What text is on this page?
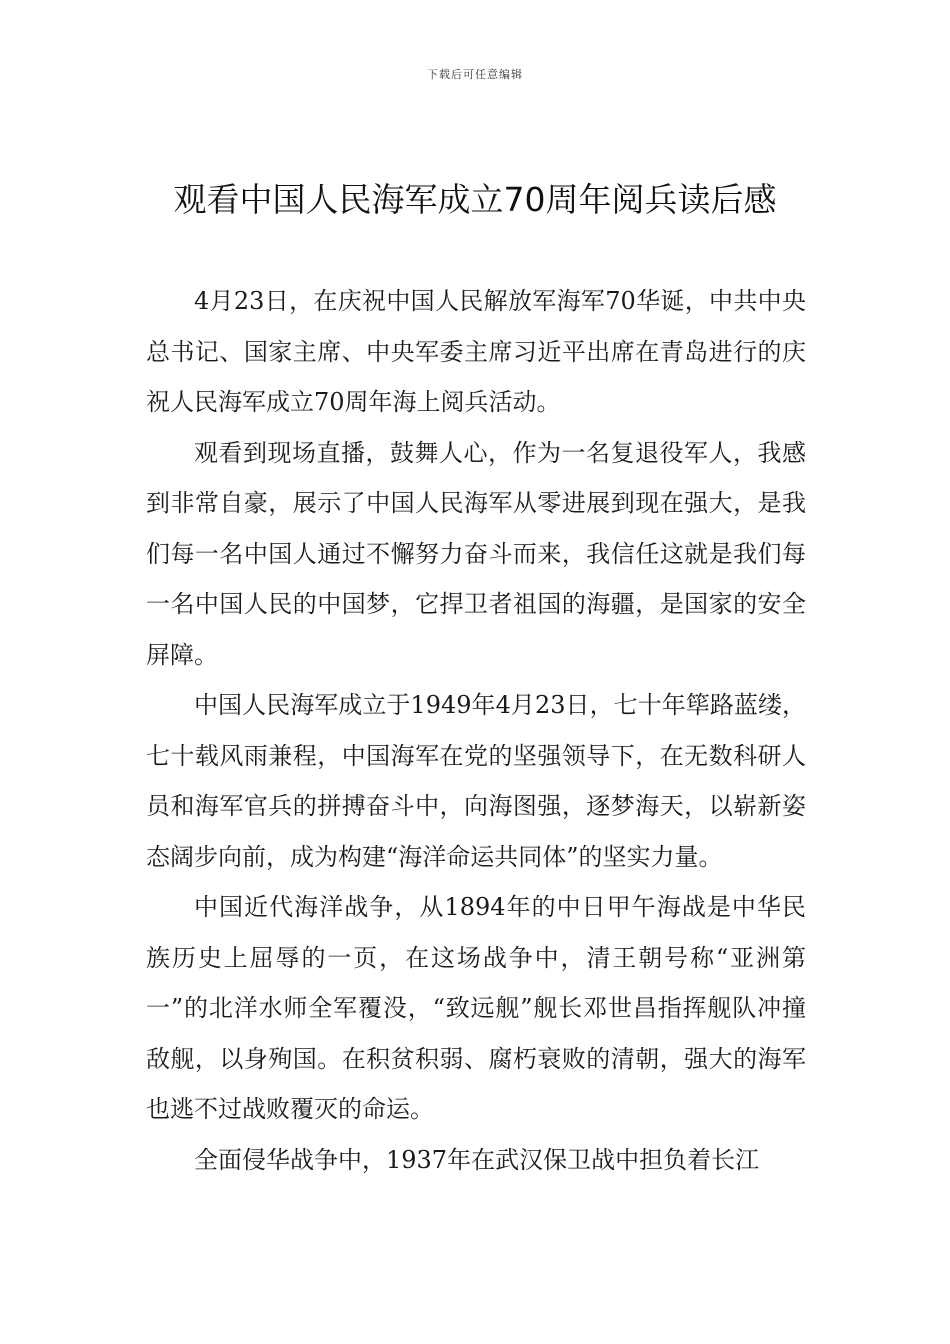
下载后可任意编辑
观看中国人民海军成立70周年阅兵读后感

4月23日，在庆祝中国人民解放军海军70华诞，中共中央总书记、国家主席、中央军委主席习近平出席在青岛进行的庆祝人民海军成立70周年海上阅兵活动。

观看到现场直播，鼓舞人心，作为一名复退役军人，我感到非常自豪，展示了中国人民海军从零进展到现在强大，是我们每一名中国人通过不懈努力奋斗而来，我信任这就是我们每一名中国人民的中国梦，它捍卫者祖国的海疆，是国家的安全屏障。

中国人民海军成立于1949年4月23日，七十年筚路蓝缕，七十载风雨兼程，中国海军在党的坚强领导下，在无数科研人员和海军官兵的拼搏奋斗中，向海图强，逐梦海天，以崭新姿态阔步向前，成为构建“海洋命运共同体”的坚实力量。

中国近代海洋战争，从1894年的中日甲午海战是中华民族历史上屈辱的一页，在这场战争中，清王朝号称“亚洲第一”的北洋水师全军覆没，“致远舰”舰长邓世昌指挥舰队冲撞敌舰，以身殉国。在积贫积弱、腐朽衰败的清朝，强大的海军也逃不过战败覆灭的命运。

全面侵华战争中，1937年在武汉保卫战中担负着长江
